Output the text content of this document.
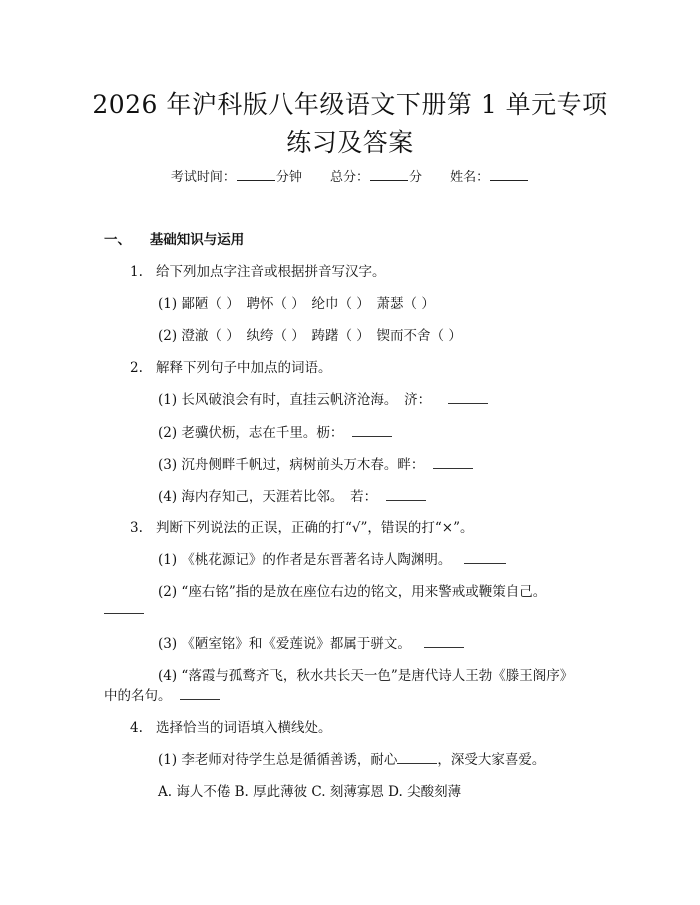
2026 年沪科版八年级语文下册第 1 单元专项
练习及答案
考试时间：	分钟 总分：	分 姓名：
一、 基础知识与运用
1. 给下列加点字注音或根据拼音写汉字。
(1) 鄙陋（ ）　聘怀（ ）　纶巾（ ）　萧瑟（ ）
(2) 澄澈（ ）　纨绔（ ）　踌躇（ ）　锲而不舍（ ）
2. 解释下列句子中加点的词语。
(1) 长风破浪会有时，直挂云帆济沧海。　济：
(2) 老骥伏枥，志在千里。枥：
(3) 沉舟侧畔千帆过，病树前头万木春。畔：
(4) 海内存知己，天涯若比邻。　若：
3. 判断下列说法的正误，正确的打“√”，错误的打“×”。
(1) 《桃花源记》的作者是东晋著名诗人陶渊明。
(2) “座右铭”指的是放在座位右边的铭文，用来警戒或鞭策自己。
(3) 《陋室铭》和《爱莲说》都属于骈文。
(4) “落霞与孤鹜齐飞，秋水共长天一色”是唐代诗人王勃《滕王阁序》
中的名句。
4. 选择恰当的词语填入横线处。
(1) 李老师对待学生总是循循善诱，耐心	，深受大家喜爱。
A. 诲人不倦 B. 厚此薄彼 C. 刻薄寡恩 D. 尖酸刻薄
